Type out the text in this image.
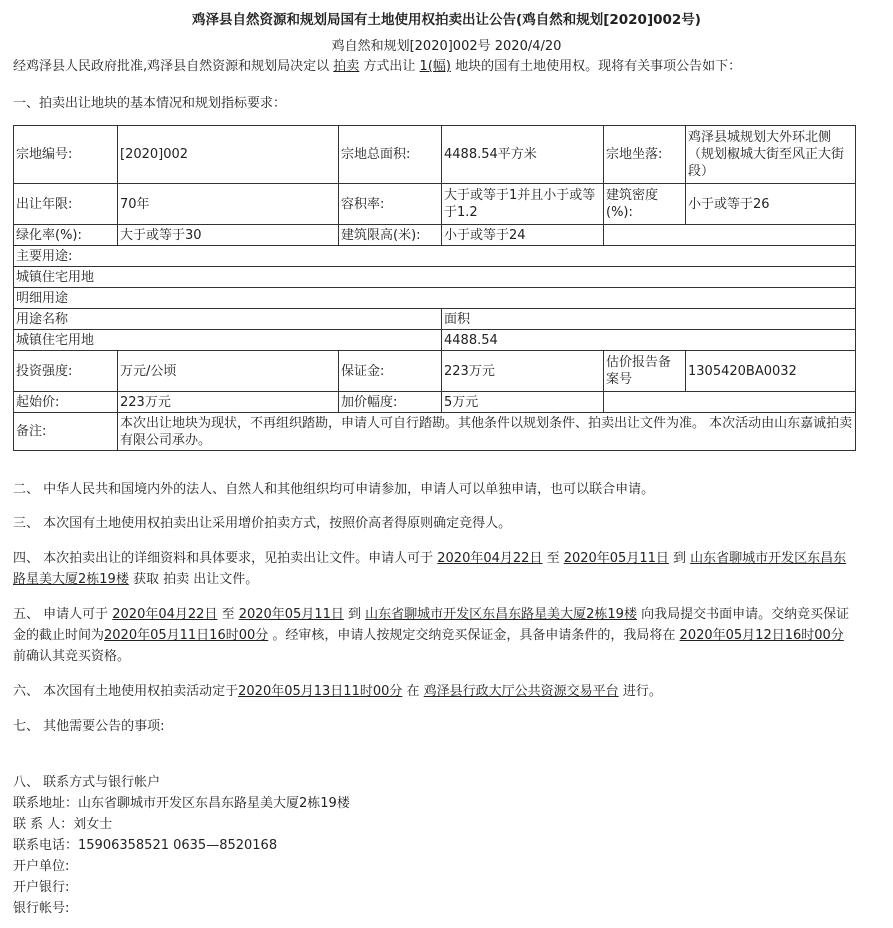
鸡泽县自然资源和规划局国有土地使用权拍卖出让公告(鸡自然和规划[2020]002号)
鸡自然和规划[2020]002号 2020/4/20
经鸡泽县人民政府批准,鸡泽县自然资源和规划局决定以 拍卖 方式出让 1(幅) 地块的国有土地使用权。现将有关事项公告如下：
一、拍卖出让地块的基本情况和规划指标要求：
宗地编号:	[2020]002	宗地总面积:	4488.54平方米	宗地坐落:	鸡泽县城规划大外环北侧（规划椒城大街至风正大街段）
出让年限:	70年	容积率:	大于或等于1并且小于或等于1.2	建筑密度(%):	小于或等于26
绿化率(%):	大于或等于30	建筑限高(米):	小于或等于24		
主要用途:					
城镇住宅用地					
明细用途					
用途名称			面积		
城镇住宅用地			4488.54		
投资强度:	万元/公顷	保证金:	223万元	估价报告备案号	1305420BA0032
起始价:	223万元	加价幅度:	5万元		
备注:	本次出让地块为现状，不再组织踏勘，申请人可自行踏勘。其他条件以规划条件、拍卖出让文件为准。 本次活动由山东嘉诚拍卖有限公司承办。				
二、 中华人民共和国境内外的法人、自然人和其他组织均可申请参加，申请人可以单独申请，也可以联合申请。
三、 本次国有土地使用权拍卖出让采用增价拍卖方式，按照价高者得原则确定竞得人。
四、 本次拍卖出让的详细资料和具体要求，见拍卖出让文件。申请人可于 2020年04月22日 至 2020年05月11日 到 山东省聊城市开发区东昌东路星美大厦2栋19楼 获取 拍卖 出让文件。
五、 申请人可于 2020年04月22日 至 2020年05月11日 到 山东省聊城市开发区东昌东路星美大厦2栋19楼 向我局提交书面申请。交纳竞买保证金的截止时间为2020年05月11日16时00分 。经审核，申请人按规定交纳竞买保证金，具备申请条件的，我局将在 2020年05月12日16时00分 前确认其竞买资格。
六、 本次国有土地使用权拍卖活动定于2020年05月13日11时00分 在 鸡泽县行政大厅公共资源交易平台 进行。
七、 其他需要公告的事项:
八、 联系方式与银行帐户
联系地址：山东省聊城市开发区东昌东路星美大厦2栋19楼
联 系 人：刘女士
联系电话：15906358521 0635—8520168
开户单位:
开户银行:
银行帐号:
